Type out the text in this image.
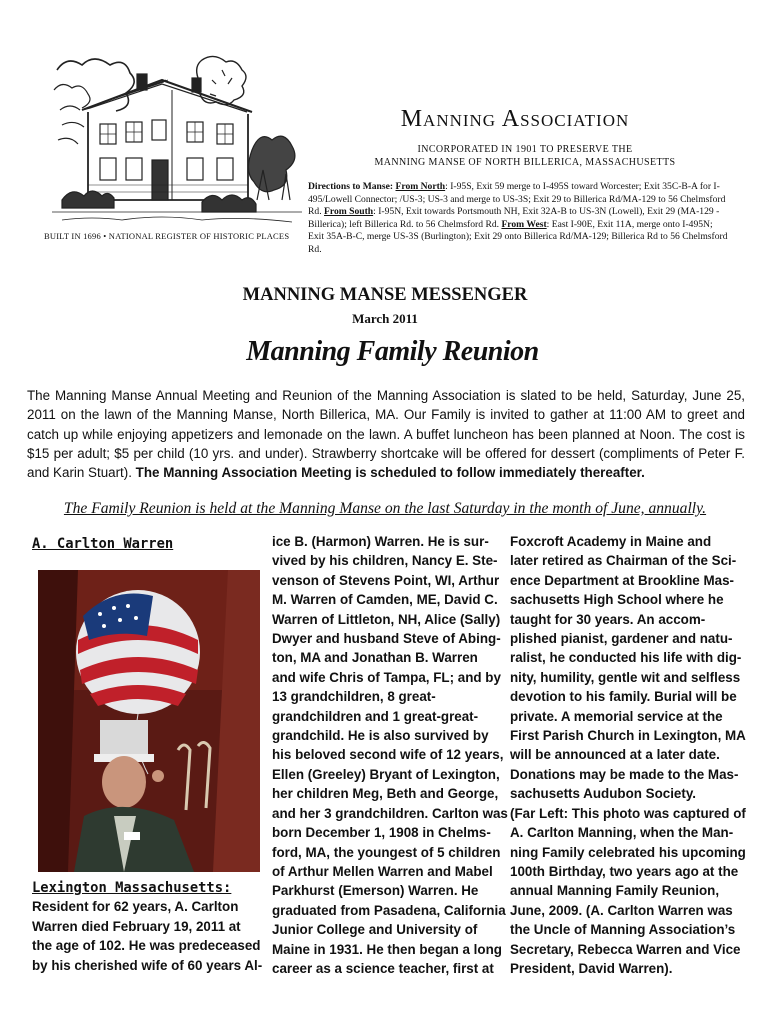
BUILT IN 1696 • NATIONAL REGISTER OF HISTORIC PLACES
Manning Association
INCORPORATED IN 1901 TO PRESERVE THE
MANNING MANSE OF NORTH BILLERICA, MASSACHUSETTS
Directions to Manse: From North: I-95S, Exit 59 merge to I-495S toward Worcester; Exit 35C-B-A for I-495/Lowell Connector; /US-3; US-3 and merge to US-3S; Exit 29 to Billerica Rd/MA-129 to 56 Chelmsford Rd. From South: I-95N, Exit towards Portsmouth NH, Exit 32A-B to US-3N (Lowell), Exit 29 (MA-129 -Billerica); left Billerica Rd. to 56 Chelmsford Rd. From West: East I-90E, Exit 11A, merge onto I-495N; Exit 35A-B-C, merge US-3S (Burlington); Exit 29 onto Billerica Rd/MA-129; Billerica Rd to 56 Chelmsford Rd.
MANNING MANSE MESSENGER
March 2011
Manning Family Reunion
The Manning Manse Annual Meeting and Reunion of the Manning Association is slated to be held, Saturday, June 25, 2011 on the lawn of the Manning Manse, North Billerica, MA. Our Family is invited to gather at 11:00 AM to greet and catch up while enjoying appetizers and lemonade on the lawn. A buffet luncheon has been planned at Noon. The cost is $15 per adult; $5 per child (10 yrs. and under). Strawberry shortcake will be offered for dessert (compliments of Peter F. and Karin Stuart). The Manning Association Meeting is scheduled to follow immediately thereafter.
The Family Reunion is held at the Manning Manse on the last Saturday in the month of June, annually.
A. Carlton Warren
Lexington Massachusetts:
Resident for 62 years, A. Carlton
Warren died February 19, 2011 at
the age of 102. He was predeceased
by his cherished wife of 60 years Al-
ice B. (Harmon) Warren. He is sur-
vived by his children, Nancy E. Ste-
venson of Stevens Point, WI, Arthur
M. Warren of Camden, ME, David C.
Warren of Littleton, NH, Alice (Sally)
Dwyer and husband Steve of Abing-
ton, MA and Jonathan B. Warren
and wife Chris of Tampa, FL; and by
13 grandchildren, 8 great-
grandchildren and 1 great-great-
grandchild. He is also survived by
his beloved second wife of 12 years,
Ellen (Greeley) Bryant of Lexington,
her children Meg, Beth and George,
and her 3 grandchildren. Carlton was
born December 1, 1908 in Chelms-
ford, MA, the youngest of 5 children
of Arthur Mellen Warren and Mabel
Parkhurst (Emerson) Warren. He
graduated from Pasadena, California
Junior College and University of
Maine in 1931. He then began a long
career as a science teacher, first at
Foxcroft Academy in Maine and
later retired as Chairman of the Sci-
ence Department at Brookline Mas-
sachusetts High School where he
taught for 30 years. An accom-
plished pianist, gardener and natu-
ralist, he conducted his life with dig-
nity, humility, gentle wit and selfless
devotion to his family. Burial will be
private. A memorial service at the
First Parish Church in Lexington, MA
will be announced at a later date.
Donations may be made to the Mas-
sachusetts Audubon Society.
(Far Left: This photo was captured of
A. Carlton Manning, when the Man-
ning Family celebrated his upcoming
100th Birthday, two years ago at the
annual Manning Family Reunion,
June, 2009. (A. Carlton Warren was
the Uncle of Manning Association’s
Secretary, Rebecca Warren and Vice
President, David Warren).
